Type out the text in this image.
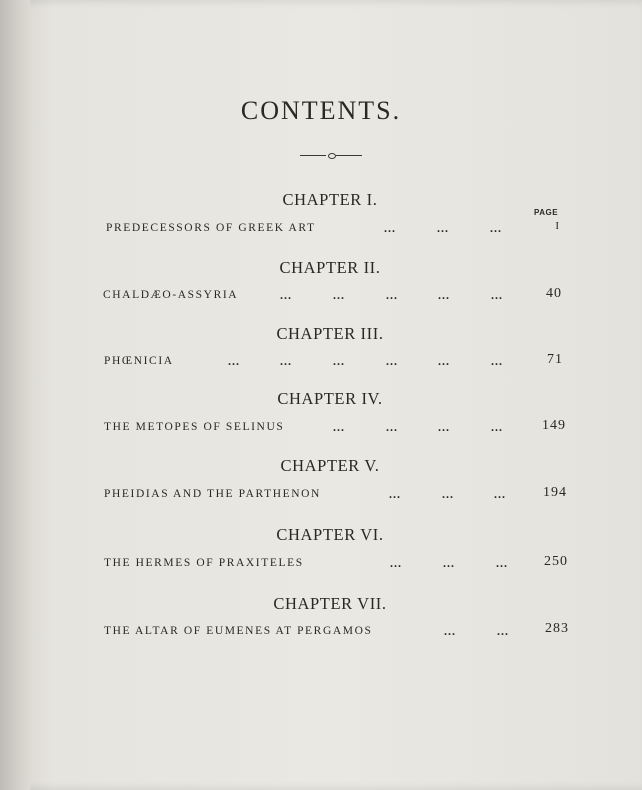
CONTENTS.
PAGE
CHAPTER I.
PREDECESSORS OF GREEK ART	...	...	...	I
CHAPTER II.
CHALDÆO-ASSYRIA	...	...	...	...	...	40
CHAPTER III.
PHŒNICIA	...	...	...	...	...	...	71
CHAPTER IV.
THE METOPES OF SELINUS	...	...	...	...	149
CHAPTER V.
PHEIDIAS AND THE PARTHENON	...	...	...	194
CHAPTER VI.
THE HERMES OF PRAXITELES	...	...	...	250
CHAPTER VII.
THE ALTAR OF EUMENES AT PERGAMOS	...	...	283
